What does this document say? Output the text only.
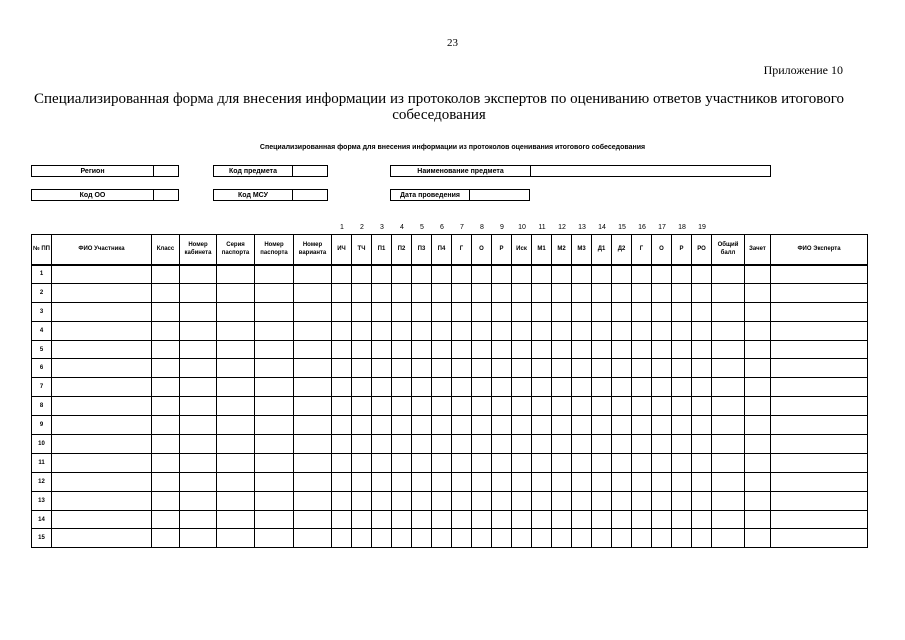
23
Приложение 10
Специализированная форма для внесения информации из протоколов экспертов по оцениванию ответов участников итогового собеседования
Специализированная форма для внесения информации из протоколов оценивания итогового собеседования
Регион	Код предмета	Наименование предмета
Код ОО	Код МСУ	Дата проведения
1	2	3	4	5	6	7	8	9	10	11	12	13	14	15	16	17	18	19
№ ПП	ФИО Участника	Класс	Номер кабинета	Серия паспорта	Номер паспорта	Номер варианта	ИЧ	ТЧ	П1	П2	П3	П4	Г	О	Р	Иск	М1	М2	М3	Д1	Д2	Г	О	Р	РО	Общий балл	Зачет	ФИО Эксперта
1																												
2																												
3																												
4																												
5																												
6																												
7																												
8																												
9																												
10																												
11																												
12																												
13																												
14																												
15																												
